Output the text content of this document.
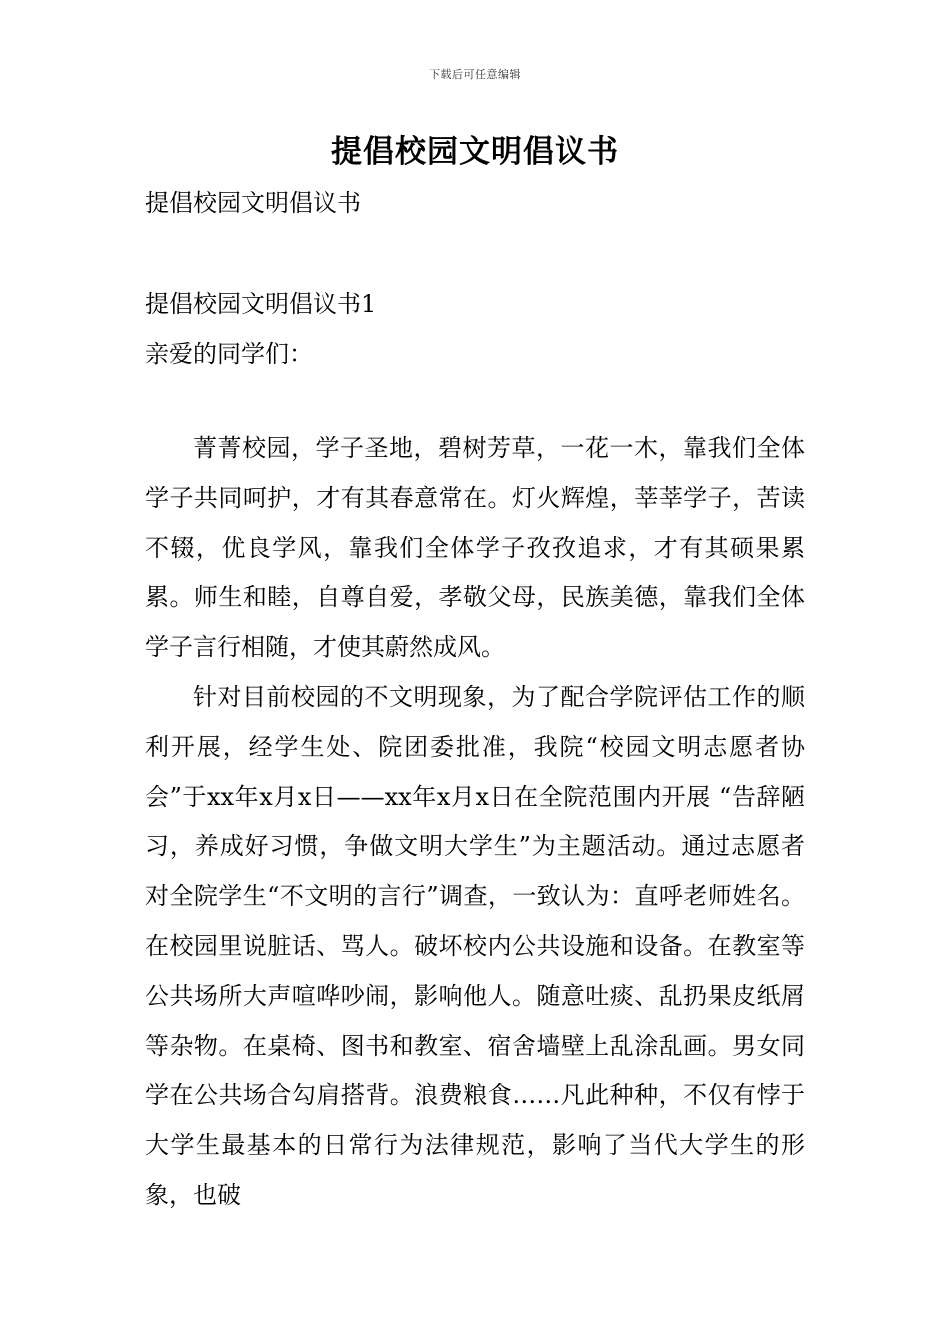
下载后可任意编辑
提倡校园文明倡议书
提倡校园文明倡议书
提倡校园文明倡议书1
亲爱的同学们：

菁菁校园，学子圣地，碧树芳草，一花一木，靠我们全体学子共同呵护，才有其春意常在。灯火辉煌，莘莘学子，苦读不辍，优良学风，靠我们全体学子孜孜追求，才有其硕果累累。师生和睦，自尊自爱，孝敬父母，民族美德，靠我们全体学子言行相随，才使其蔚然成风。

针对目前校园的不文明现象，为了配合学院评估工作的顺利开展，经学生处、院团委批准，我院“校园文明志愿者协会”于xx年x月x日——xx年x月x日在全院范围内开展 “告辞陋习，养成好习惯，争做文明大学生”为主题活动。通过志愿者对全院学生“不文明的言行”调查，一致认为：直呼老师姓名。在校园里说脏话、骂人。破坏校内公共设施和设备。在教室等公共场所大声喧哗吵闹，影响他人。随意吐痰、乱扔果皮纸屑等杂物。在桌椅、图书和教室、宿舍墙壁上乱涂乱画。男女同学在公共场合勾肩搭背。浪费粮食……凡此种种，不仅有悖于大学生最基本的日常行为法律规范，影响了当代大学生的形象，也破
